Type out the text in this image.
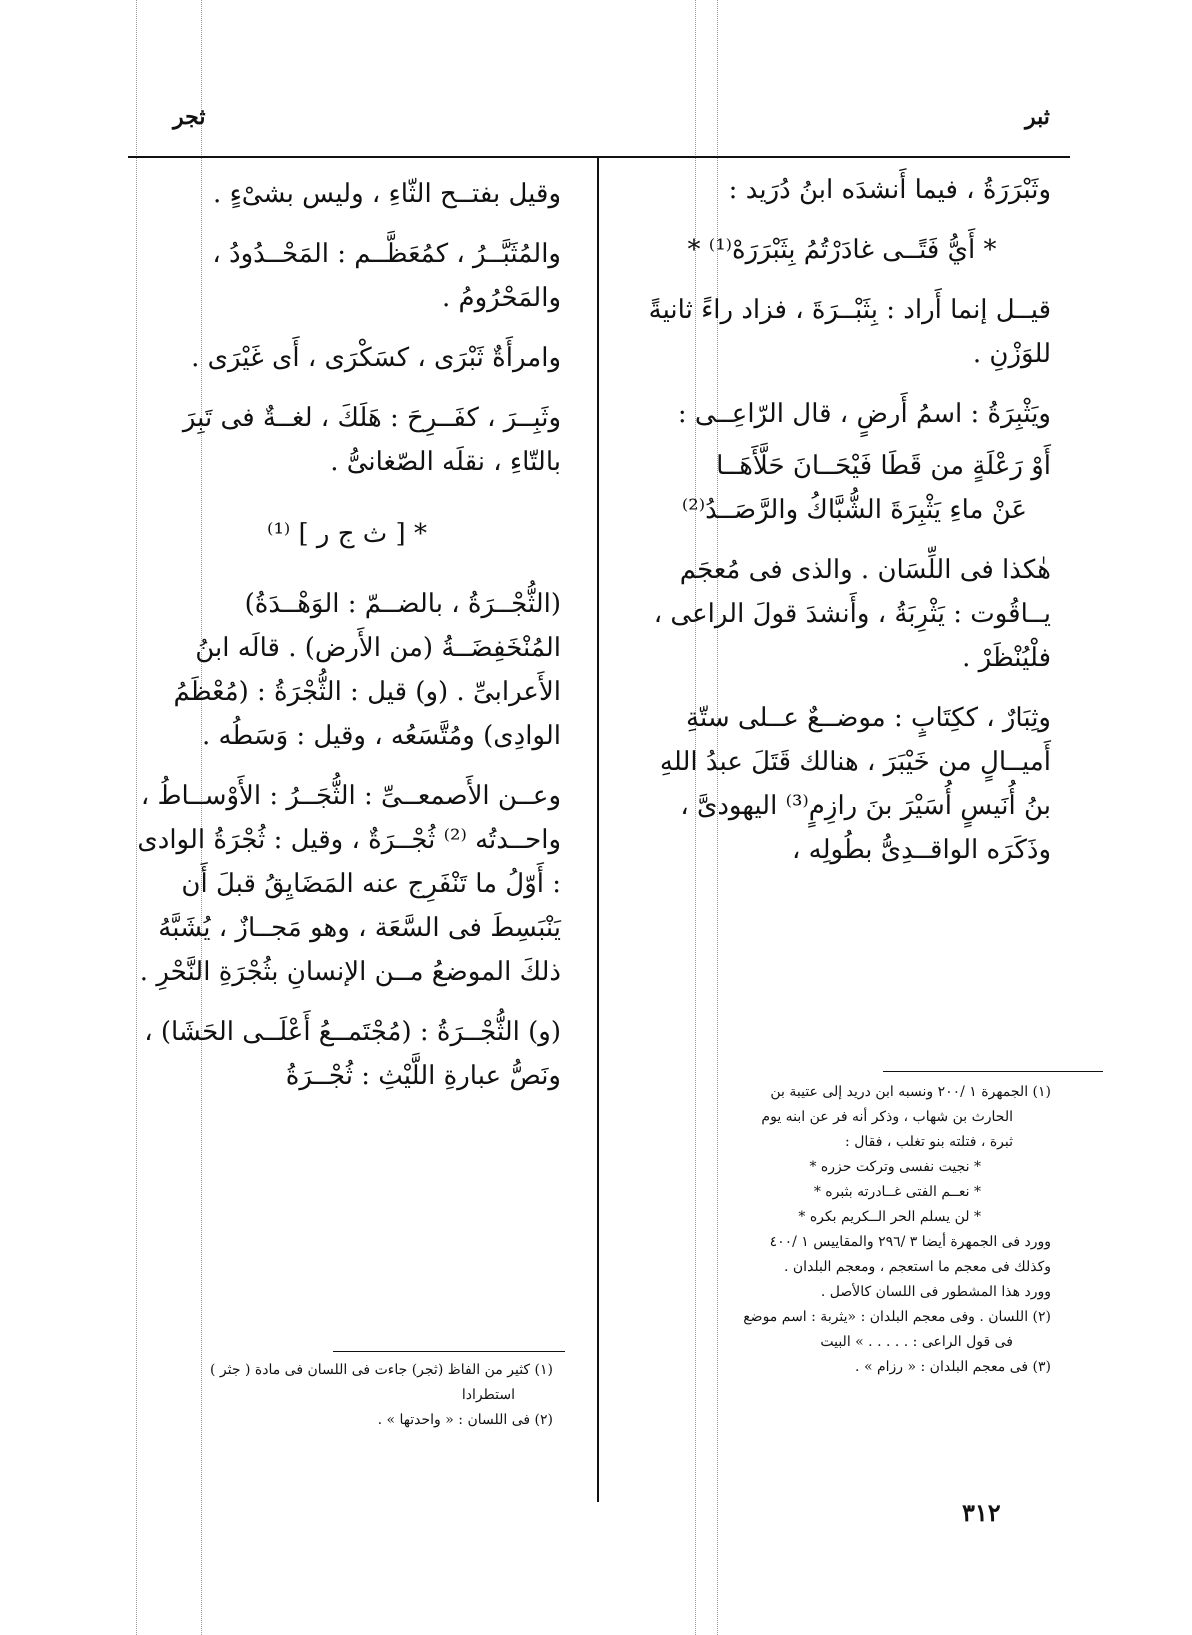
ثجر	ثبر
وثَبْرَرَةُ ، فيما أَنشدَه ابنُ دُرَيد :
* أَيُّ فَتًــى غادَرْتُمُ بِثَبْرَرَهْ⁽¹⁾ *
قيــل إنما أَراد : بِثَبْــرَةَ ، فزاد راءً ثانيةً للوَزْنِ .
ويَثْبِرَةُ : اسمُ أَرضٍ ، قال الرّاعِــى :
أَوْ رَعْلَةٍ من قَطَا فَيْحَــانَ حَلَّأَهَــا
عَنْ ماءِ يَثْبِرَةَ الشُّبَّاكُ والرَّصَــدُ⁽²⁾
هٰكذا فى اللِّسَان . والذى فى مُعجَم يــاقُوت : يَثْرِبَةُ ، وأَنشدَ قولَ الراعى ، فلْيُنْظَرْ .
وثِبَارٌ ، ككِتَابٍ : موضــعٌ عــلى ستّةِ أَميــالٍ من خَيْبَرَ ، هنالك قَتَلَ عبدُ اللهِ بنُ أُنَيسٍ أُسَيْرَ بنَ رازِمٍ⁽³⁾ اليهودىَّ ، وذَكَرَه الواقــدِىُّ بطُولِه ،
(١) الجمهرة ١ /٢٠٠ ونسبه ابن دريد إلى عتيبة بن
الحارث بن شهاب ، وذكر أنه فر عن ابنه يوم
ثبرة ، فتلته بنو تغلب ، فقال :
* نجيت نفسى وتركت حزره *
* نعــم الفتى غــادرته بثبره *
* لن يسلم الحر الــكريم بكره *
وورد فى الجمهرة أيضا ٣ /٢٩٦ والمقاييس ١ /٤٠٠
وكذلك فى معجم ما استعجم ، ومعجم البلدان .
وورد هذا المشطور فى اللسان كالأصل .
(٢) اللسان . وفى معجم البلدان : «يثربة : اسم موضع
فى قول الراعى : . . . . . » البيت
(٣) فى معجم البلدان : « رزام » .
وقيل بفتــح الثّاءِ ، وليس بشىْءٍ .
والمُثَبَّــرُ ، كمُعَظَّــم : المَحْــدُودُ ، والمَحْرُومُ .
وامرأَةٌ ثَبْرَى ، كسَكْرَى ، أَى غَيْرَى .
وثَبِــرَ ، كفَــرِحَ : هَلَكَ ، لغــةٌ فى تَبِرَ بالتّاءِ ، نقلَه الصّغانىُّ .
* [ ث ج ر ] ⁽¹⁾
(الثُّجْــرَةُ ، بالضــمّ : الوَهْــدَةُ) المُنْخَفِضَــةُ (من الأَرض) . قالَه ابنُ الأَعرابىِّ . (و) قيل : الثُّجْرَةُ : (مُعْظَمُ الوادِى) ومُتَّسَعُه ، وقيل : وَسَطُه .
وعــن الأَصمعــىِّ : الثُّجَــرُ : الأَوْســاطُ ، واحــدتُه ⁽²⁾ ثُجْــرَةٌ ، وقيل : ثُجْرَةُ الوادى : أَوّلُ ما تَنْفَرِج عنه المَضَايِقُ قبلَ أَن يَنْبَسِطَ فى السَّعَة ، وهو مَجــازٌ ، يُشَبَّهُ ذلكَ الموضعُ مــن الإنسانِ بثُجْرَةِ النَّحْرِ .
(و) الثُّجْــرَةُ : (مُجْتَمــعُ أَعْلَــى الحَشَا) ، ونَصُّ عبارةِ اللَّيْثِ : ثُجْــرَةُ
(١) كثير من الفاظ (ثجر) جاءت فى اللسان فى مادة ( جثر )
استطرادا
(٢) فى اللسان : « واحدتها » .
٣١٢
